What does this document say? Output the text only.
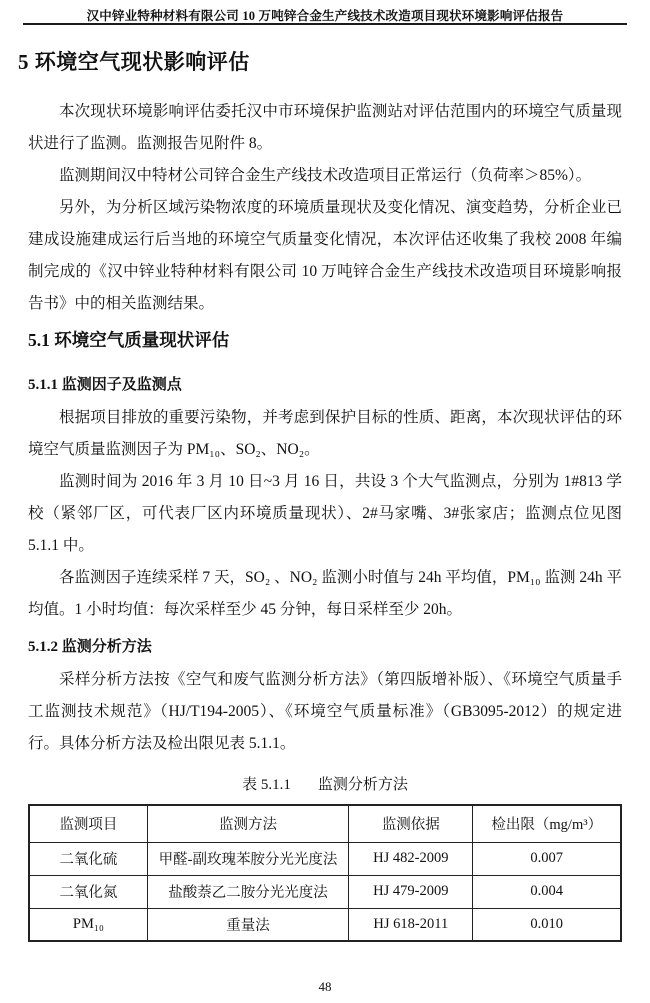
汉中锌业特种材料有限公司 10 万吨锌合金生产线技术改造项目现状环境影响评估报告
5 环境空气现状影响评估

本次现状环境影响评估委托汉中市环境保护监测站对评估范围内的环境空气质量现状进行了监测。监测报告见附件 8。

监测期间汉中特材公司锌合金生产线技术改造项目正常运行（负荷率＞85%）。

另外，为分析区域污染物浓度的环境质量现状及变化情况、演变趋势，分析企业已建成设施建成运行后当地的环境空气质量变化情况，本次评估还收集了我校 2008 年编制完成的《汉中锌业特种材料有限公司 10 万吨锌合金生产线技术改造项目环境影响报告书》中的相关监测结果。

5.1 环境空气质量现状评估
5.1.1 监测因子及监测点

根据项目排放的重要污染物，并考虑到保护目标的性质、距离，本次现状评估的环境空气质量监测因子为 PM₁₀、SO₂、NO₂。

监测时间为 2016 年 3 月 10 日~3 月 16 日，共设 3 个大气监测点，分别为 1#813 学校（紧邻厂区，可代表厂区内环境质量现状）、2#马家嘴、3#张家店；监测点位见图 5.1.1 中。

各监测因子连续采样 7 天，SO₂ 、NO₂ 监测小时值与 24h 平均值，PM₁₀ 监测 24h 平均值。1 小时均值：每次采样至少 45 分钟，每日采样至少 20h。

5.1.2 监测分析方法

采样分析方法按《空气和废气监测分析方法》（第四版增补版）、《环境空气质量手工监测技术规范》（HJ/T194-2005）、《环境空气质量标准》（GB3095-2012）的规定进行。具体分析方法及检出限见表 5.1.1。

表 5.1.1 监测分析方法
监测项目	监测方法	监测依据	检出限（mg/m³）
二氧化硫	甲醛-副玫瑰苯胺分光光度法	HJ 482-2009	0.007
二氧化氮	盐酸萘乙二胺分光光度法	HJ 479-2009	0.004
PM₁₀	重量法	HJ 618-2011	0.010
48
